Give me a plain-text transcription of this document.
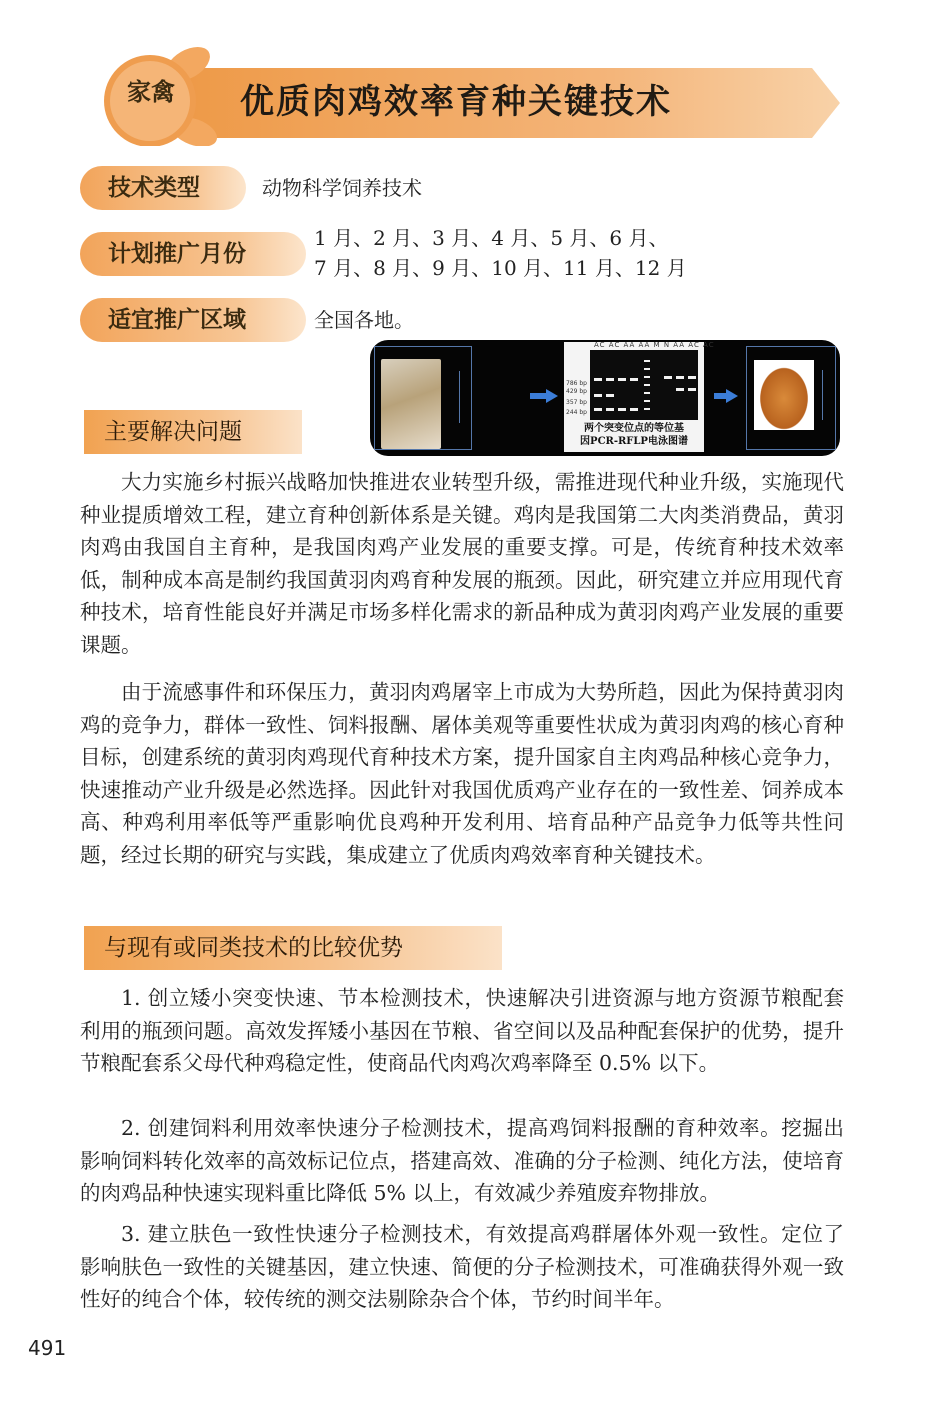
家禽	优质肉鸡效率育种关键技术
技术类型	动物科学饲养技术
计划推广月份
1 月、2 月、3 月、4 月、5 月、6 月、
7 月、8 月、9 月、10 月、11 月、12 月
适宜推广区域	全国各地。
AC AC AA AA M N AA AC AC
786 bp
429 bp
357 bp
244 bp
两个突变位点的等位基
因PCR-RFLP电泳图谱
主要解决问题

大力实施乡村振兴战略加快推进农业转型升级，需推进现代种业升级，实施现代种业提质增效工程，建立育种创新体系是关键。鸡肉是我国第二大肉类消费品，黄羽肉鸡由我国自主育种，是我国肉鸡产业发展的重要支撑。可是，传统育种技术效率低，制种成本高是制约我国黄羽肉鸡育种发展的瓶颈。因此，研究建立并应用现代育种技术，培育性能良好并满足市场多样化需求的新品种成为黄羽肉鸡产业发展的重要课题。

由于流感事件和环保压力，黄羽肉鸡屠宰上市成为大势所趋，因此为保持黄羽肉鸡的竞争力，群体一致性、饲料报酬、屠体美观等重要性状成为黄羽肉鸡的核心育种目标，创建系统的黄羽肉鸡现代育种技术方案，提升国家自主肉鸡品种核心竞争力，快速推动产业升级是必然选择。因此针对我国优质鸡产业存在的一致性差、饲养成本高、种鸡利用率低等严重影响优良鸡种开发利用、培育品种产品竞争力低等共性问题，经过长期的研究与实践，集成建立了优质肉鸡效率育种关键技术。

与现有或同类技术的比较优势

1. 创立矮小突变快速、节本检测技术，快速解决引进资源与地方资源节粮配套利用的瓶颈问题。高效发挥矮小基因在节粮、省空间以及品种配套保护的优势，提升节粮配套系父母代种鸡稳定性，使商品代肉鸡次鸡率降至 0.5% 以下。

2. 创建饲料利用效率快速分子检测技术，提高鸡饲料报酬的育种效率。挖掘出影响饲料转化效率的高效标记位点，搭建高效、准确的分子检测、纯化方法，使培育的肉鸡品种快速实现料重比降低 5% 以上，有效减少养殖废弃物排放。

3. 建立肤色一致性快速分子检测技术，有效提高鸡群屠体外观一致性。定位了影响肤色一致性的关键基因，建立快速、简便的分子检测技术，可准确获得外观一致性好的纯合个体，较传统的测交法剔除杂合个体，节约时间半年。

491
